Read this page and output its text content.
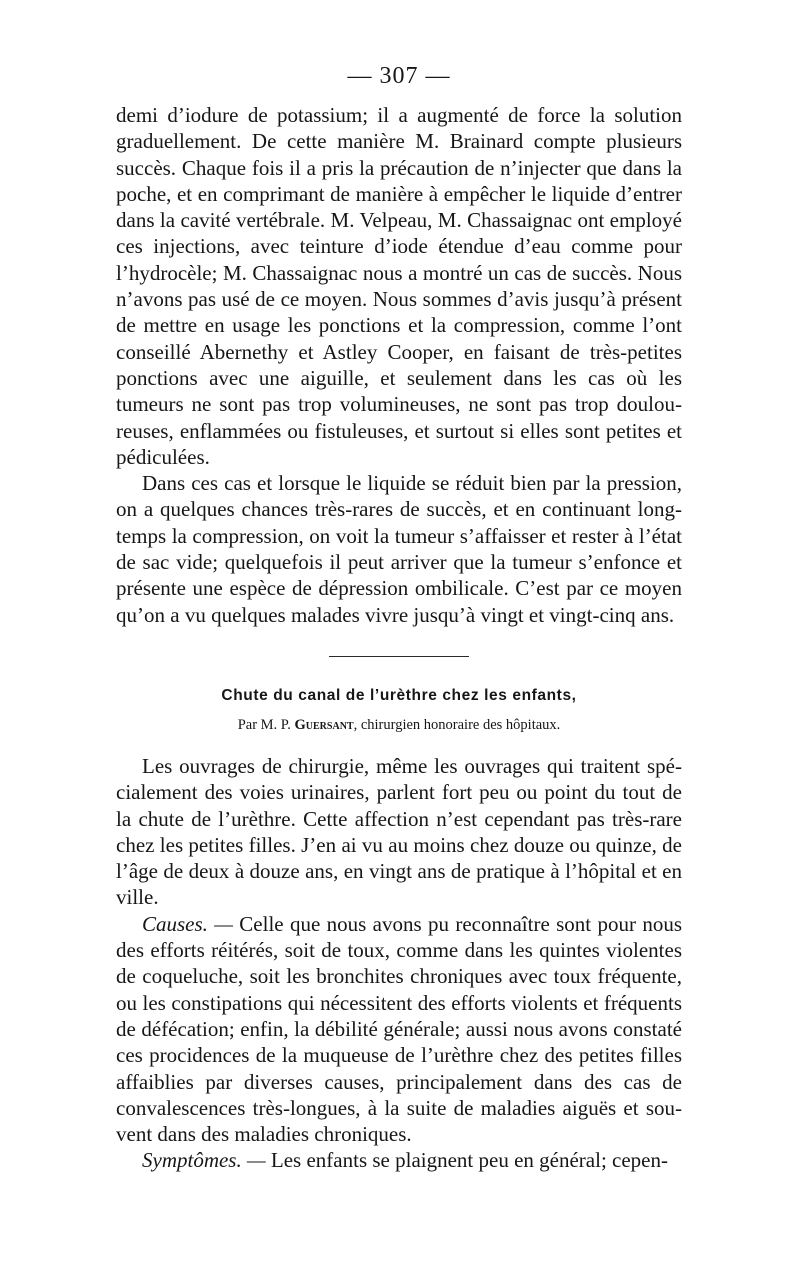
— 307 —

demi d’iodure de potassium; il a augmenté de force la solution graduellement. De cette manière M. Brainard compte plusieurs succès. Chaque fois il a pris la précaution de n’injecter que dans la poche, et en comprimant de manière à empêcher le liquide d’entrer dans la cavité vertébrale. M. Velpeau, M. Chassaignac ont employé ces injections, avec teinture d’iode étendue d’eau comme pour l’hydrocèle; M. Chassaignac nous a montré un cas de succès. Nous n’avons pas usé de ce moyen. Nous sommes d’avis jusqu’à présent de mettre en usage les ponctions et la compression, comme l’ont conseillé Abernethy et Astley Cooper, en faisant de très-petites ponctions avec une aiguille, et seulement dans les cas où les tumeurs ne sont pas trop volumineuses, ne sont pas trop douloureuses, enflammées ou fistuleuses, et surtout si elles sont petites et pédiculées.

Dans ces cas et lorsque le liquide se réduit bien par la pression, on a quelques chances très-rares de succès, et en continuant longtemps la compression, on voit la tumeur s’affaisser et rester à l’état de sac vide; quelquefois il peut arriver que la tumeur s’enfonce et présente une espèce de dépression ombilicale. C’est par ce moyen qu’on a vu quelques malades vivre jusqu’à vingt et vingt-cinq ans.

Chute du canal de l’urèthre chez les enfants,
Par M. P. Guersant, chirurgien honoraire des hôpitaux.

Les ouvrages de chirurgie, même les ouvrages qui traitent spécialement des voies urinaires, parlent fort peu ou point du tout de la chute de l’urèthre. Cette affection n’est cependant pas très-rare chez les petites filles. J’en ai vu au moins chez douze ou quinze, de l’âge de deux à douze ans, en vingt ans de pratique à l’hôpital et en ville.

Causes. — Celle que nous avons pu reconnaître sont pour nous des efforts réitérés, soit de toux, comme dans les quintes violentes de coqueluche, soit les bronchites chroniques avec toux fréquente, ou les constipations qui nécessitent des efforts violents et fréquents de défécation; enfin, la débilité générale; aussi nous avons constaté ces procidences de la muqueuse de l’urèthre chez des petites filles affaiblies par diverses causes, principalement dans des cas de convalescences très-longues, à la suite de maladies aiguës et souvent dans des maladies chroniques.

Symptômes. — Les enfants se plaignent peu en général; cepen-
